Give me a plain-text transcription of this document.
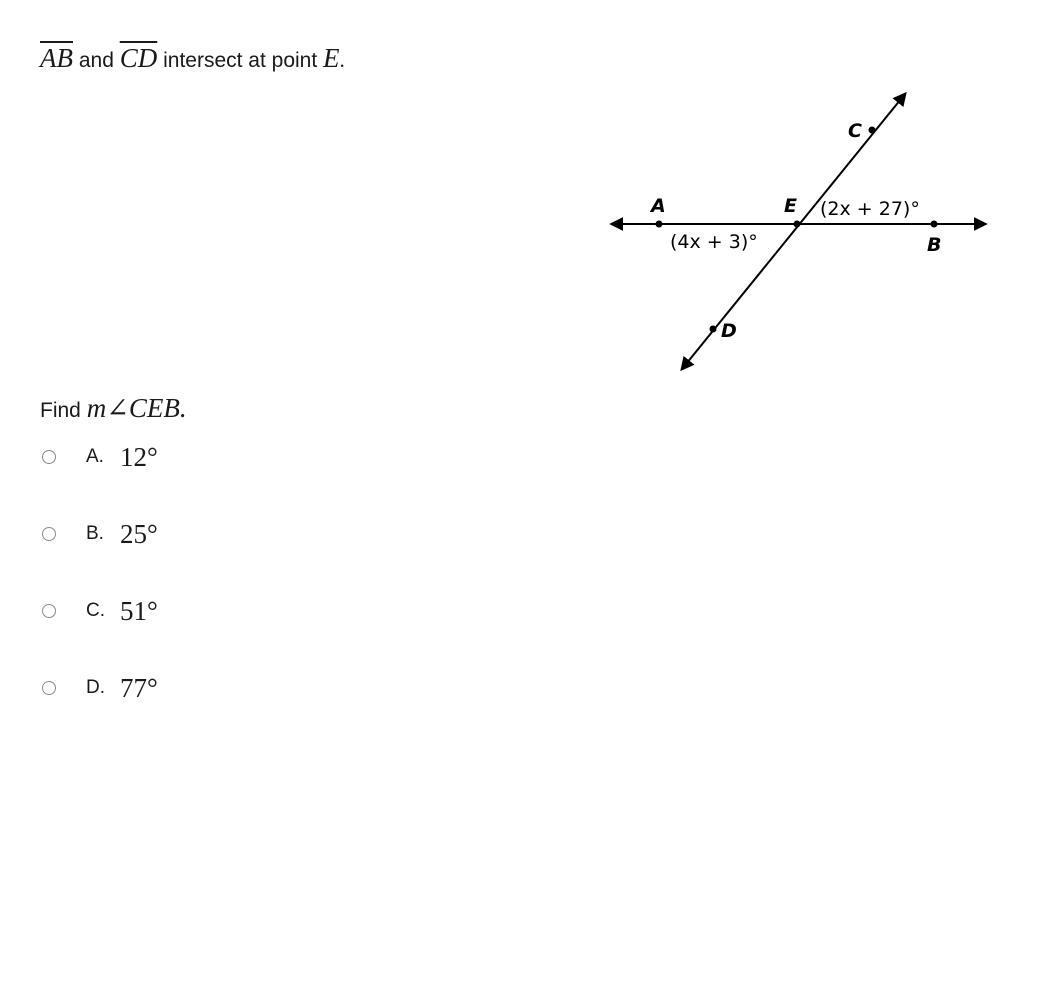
$\overline{AB}$ and $\overline{CD}$ intersect at point E.
A
B
C
D
E (2x + 27)°
(4x + 3)°
Find m∠CEB.
A. 12°
B. 25°
C. 51°
D. 77°
